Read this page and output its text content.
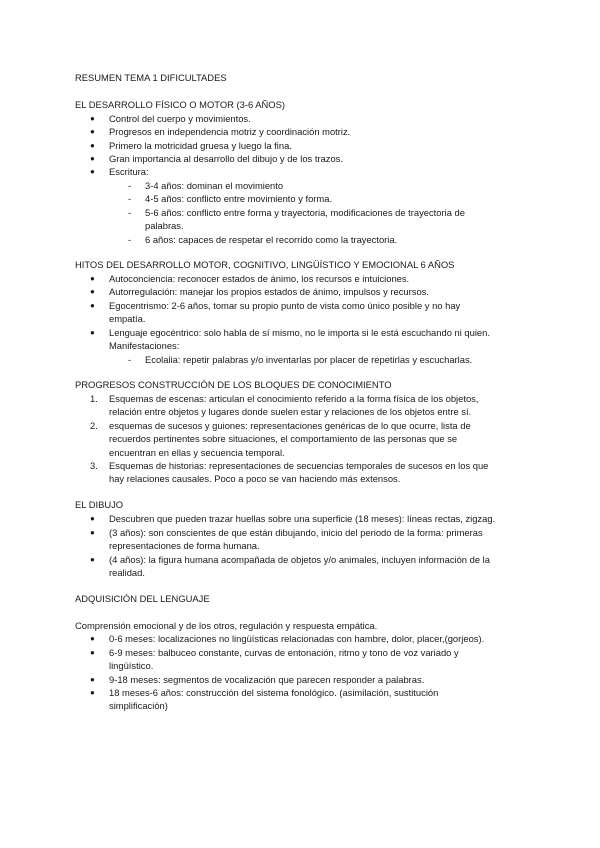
RESUMEN TEMA 1 DIFICULTADES
EL DESARROLLO FÍSICO O MOTOR (3-6 AÑOS)
● Control del cuerpo y movimientos.
● Progresos en independencia motriz y coordinación motriz.
● Primero la motricidad gruesa y luego la fina.
● Gran importancia al desarrollo del dibujo y de los trazos.
● Escritura:
- 3-4 años: dominan el movimiento
- 4-5 años: conflicto entre movimiento y forma.
- 5-6 años: conflicto entre forma y trayectoria, modificaciones de trayectoria de
palabras.
- 6 años: capaces de respetar el recorrido como la trayectoria.
HITOS DEL DESARROLLO MOTOR, COGNITIVO, LINGÜÍSTICO Y EMOCIONAL 6 AÑOS
● Autoconciencia: reconocer estados de ánimo, los recursos e intuiciones.
● Autorregulación: manejar los propios estados de ánimo, impulsos y recursos.
● Egocentrismo: 2-6 años, tomar su propio punto de vista como único posible y no hay
empatía.
● Lenguaje egocéntrico: solo habla de sí mismo, no le importa si le está escuchando ni quien.
Manifestaciones:
- Ecolalia: repetir palabras y/o inventarlas por placer de repetirlas y escucharlas.
PROGRESOS CONSTRUCCIÓN DE LOS BLOQUES DE CONOCIMIENTO
1. Esquemas de escenas: articulan el conocimiento referido a la forma física de los objetos,
relación entre objetos y lugares donde suelen estar y relaciones de los objetos entre sí.
2. esquemas de sucesos y guiones: representaciones genéricas de lo que ocurre, lista de
recuerdos pertinentes sobre situaciones, el comportamiento de las personas que se
encuentran en ellas y secuencia temporal.
3. Esquemas de historias: representaciones de secuencias temporales de sucesos en los que
hay relaciones causales. Poco a poco se van haciendo más extensos.
EL DIBUJO
● Descubren que pueden trazar huellas sobre una superficie (18 meses): líneas rectas, zigzag.
● (3 años): son conscientes de que están dibujando, inicio del periodo de la forma: primeras
representaciones de forma humana.
● (4 años): la figura humana acompañada de objetos y/o animales, incluyen información de la
realidad.
ADQUISICIÓN DEL LENGUAJE
Comprensión emocional y de los otros, regulación y respuesta empática.
● 0-6 meses: localizaciones no lingüísticas relacionadas con hambre, dolor, placer,(gorjeos).
● 6-9 meses: balbuceo constante, curvas de entonación, ritmo y tono de voz variado y
lingüístico.
● 9-18 meses: segmentos de vocalización que parecen responder a palabras.
● 18 meses-6 años: construcción del sistema fonológico. (asimilación, sustitución
simplificación)
